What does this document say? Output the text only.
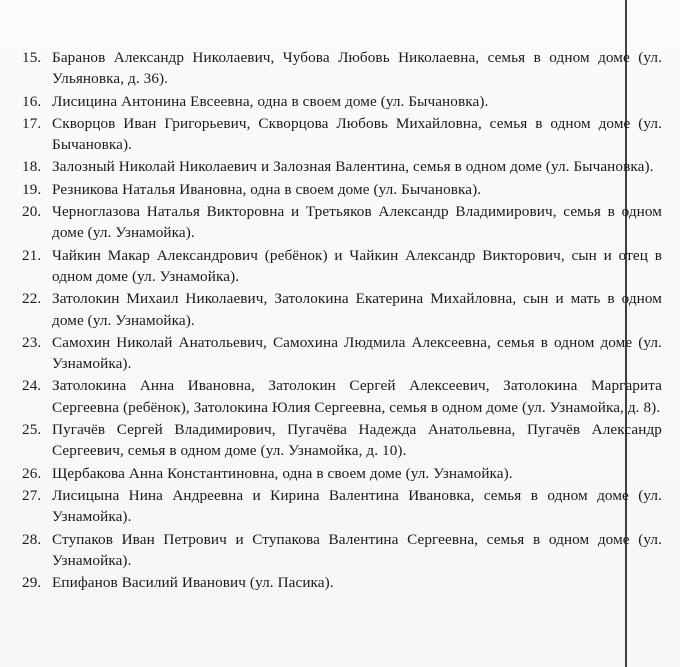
15. Баранов Александр Николаевич, Чубова Любовь Николаевна, семья в одном доме (ул. Ульяновка, д. 36).
16. Лисицина Антонина Евсеевна, одна в своем доме (ул. Бычановка).
17. Скворцов Иван Григорьевич, Скворцова Любовь Михайловна, семья в одном доме (ул. Бычановка).
18. Залозный Николай Николаевич и Залозная Валентина, семья в одном доме (ул. Бычановка).
19. Резникова Наталья Ивановна, одна в своем доме (ул. Бычановка).
20. Черноглазова Наталья Викторовна и Третьяков Александр Владимирович, семья в одном доме (ул. Узнамойка).
21. Чайкин Макар Александрович (ребёнок) и Чайкин Александр Викторович, сын и отец в одном доме (ул. Узнамойка).
22. Затолокин Михаил Николаевич, Затолокина Екатерина Михайловна, сын и мать в одном доме (ул. Узнамойка).
23. Самохин Николай Анатольевич, Самохина Людмила Алексеевна, семья в одном доме (ул. Узнамойка).
24. Затолокина Анна Ивановна, Затолокин Сергей Алексеевич, Затолокина Маргарита Сергеевна (ребёнок), Затолокина Юлия Сергеевна, семья в одном доме (ул. Узнамойка, д. 8).
25. Пугачёв Сергей Владимирович, Пугачёва Надежда Анатольевна, Пугачёв Александр Сергеевич, семья в одном доме (ул. Узнамойка, д. 10).
26. Щербакова Анна Константиновна, одна в своем доме (ул. Узнамойка).
27. Лисицына Нина Андреевна и Кирина Валентина Ивановка, семья в одном доме (ул. Узнамойка).
28. Ступаков Иван Петрович и Ступакова Валентина Сергеевна, семья в одном доме (ул. Узнамойка).
29. Епифанов Василий Иванович (ул. Пасика).
